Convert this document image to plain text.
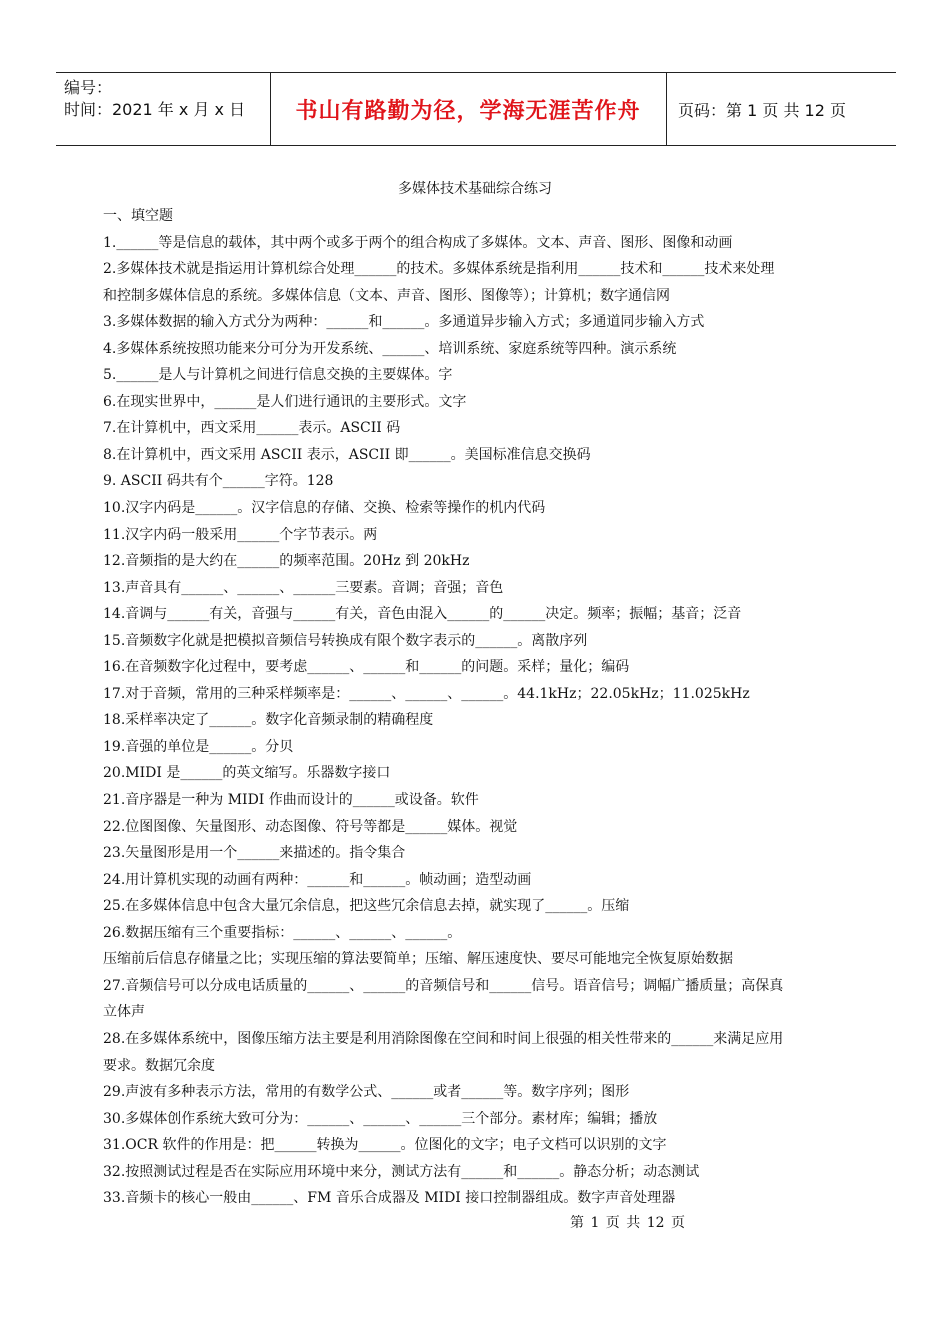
编号：
时间：2021 年 x 月 x 日	书山有路勤为径，学海无涯苦作舟	页码：第 1 页 共 12 页
多媒体技术基础综合练习
一、填空题
1.______等是信息的载体，其中两个或多于两个的组合构成了多媒体。文本、声音、图形、图像和动画
2.多媒体技术就是指运用计算机综合处理______的技术。多媒体系统是指利用______技术和______技术来处理
和控制多媒体信息的系统。多媒体信息（文本、声音、图形、图像等）；计算机；数字通信网
3.多媒体数据的输入方式分为两种：______和______。多通道异步输入方式；多通道同步输入方式
4.多媒体系统按照功能来分可分为开发系统、______、培训系统、家庭系统等四种。演示系统
5.______是人与计算机之间进行信息交换的主要媒体。字
6.在现实世界中，______是人们进行通讯的主要形式。文字
7.在计算机中，西文采用______表示。ASCII 码
8.在计算机中，西文采用 ASCII 表示，ASCII 即______。美国标准信息交换码
9. ASCII 码共有个______字符。128
10.汉字内码是______。汉字信息的存储、交换、检索等操作的机内代码
11.汉字内码一般采用______个字节表示。两
12.音频指的是大约在______的频率范围。20Hz 到 20kHz
13.声音具有______、______、______三要素。音调；音强；音色
14.音调与______有关，音强与______有关，音色由混入______的______决定。频率；振幅；基音；泛音
15.音频数字化就是把模拟音频信号转换成有限个数字表示的______。离散序列
16.在音频数字化过程中，要考虑______、______和______的问题。采样；量化；编码
17.对于音频，常用的三种采样频率是：______、______、______。44.1kHz；22.05kHz；11.025kHz
18.采样率决定了______。数字化音频录制的精确程度
19.音强的单位是______。分贝
20.MIDI 是______的英文缩写。乐器数字接口
21.音序器是一种为 MIDI 作曲而设计的______或设备。软件
22.位图图像、矢量图形、动态图像、符号等都是______媒体。视觉
23.矢量图形是用一个______来描述的。指令集合
24.用计算机实现的动画有两种：______和______。帧动画；造型动画
25.在多媒体信息中包含大量冗余信息，把这些冗余信息去掉，就实现了______。压缩
26.数据压缩有三个重要指标：______、______、______。
压缩前后信息存储量之比；实现压缩的算法要简单；压缩、解压速度快、要尽可能地完全恢复原始数据
27.音频信号可以分成电话质量的______、______的音频信号和______信号。语音信号；调幅广播质量；高保真
立体声
28.在多媒体系统中，图像压缩方法主要是利用消除图像在空间和时间上很强的相关性带来的______来满足应用
要求。数据冗余度
29.声波有多种表示方法，常用的有数学公式、______或者______等。数字序列；图形
30.多媒体创作系统大致可分为：______、______、______三个部分。素材库；编辑；播放
31.OCR 软件的作用是：把______转换为______。位图化的文字；电子文档可以识别的文字
32.按照测试过程是否在实际应用环境中来分，测试方法有______和______。静态分析；动态测试
33.音频卡的核心一般由______、FM 音乐合成器及 MIDI 接口控制器组成。数字声音处理器
第 1 页 共 12 页
